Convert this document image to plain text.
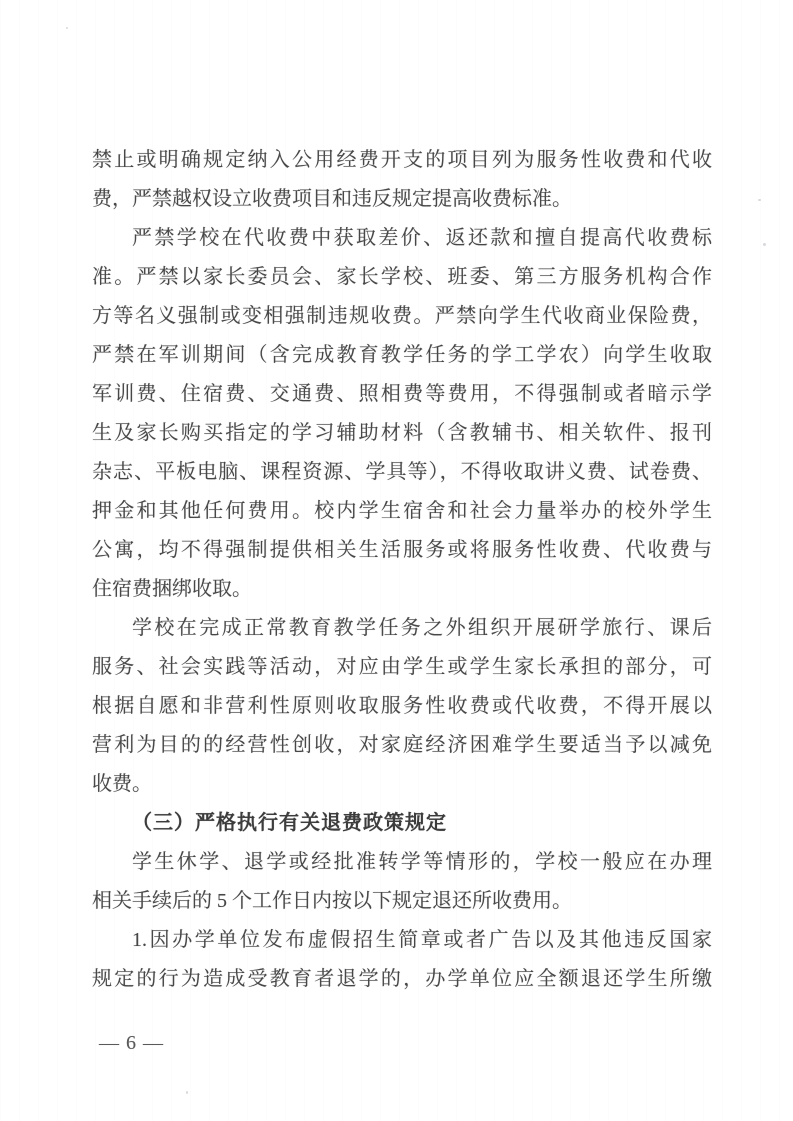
禁止或明确规定纳入公用经费开支的项目列为服务性收费和代收
费，严禁越权设立收费项目和违反规定提高收费标准。
严禁学校在代收费中获取差价、返还款和擅自提高代收费标
准。严禁以家长委员会、家长学校、班委、第三方服务机构合作
方等名义强制或变相强制违规收费。严禁向学生代收商业保险费，
严禁在军训期间（含完成教育教学任务的学工学农）向学生收取
军训费、住宿费、交通费、照相费等费用，不得强制或者暗示学
生及家长购买指定的学习辅助材料（含教辅书、相关软件、报刊
杂志、平板电脑、课程资源、学具等），不得收取讲义费、试卷费、
押金和其他任何费用。校内学生宿舍和社会力量举办的校外学生
公寓，均不得强制提供相关生活服务或将服务性收费、代收费与
住宿费捆绑收取。
学校在完成正常教育教学任务之外组织开展研学旅行、课后
服务、社会实践等活动，对应由学生或学生家长承担的部分，可
根据自愿和非营利性原则收取服务性收费或代收费，不得开展以
营利为目的的经营性创收，对家庭经济困难学生要适当予以减免
收费。
（三）严格执行有关退费政策规定
学生休学、退学或经批准转学等情形的，学校一般应在办理
相关手续后的 5 个工作日内按以下规定退还所收费用。
1.因办学单位发布虚假招生简章或者广告以及其他违反国家
规定的行为造成受教育者退学的，办学单位应全额退还学生所缴
— 6 —
